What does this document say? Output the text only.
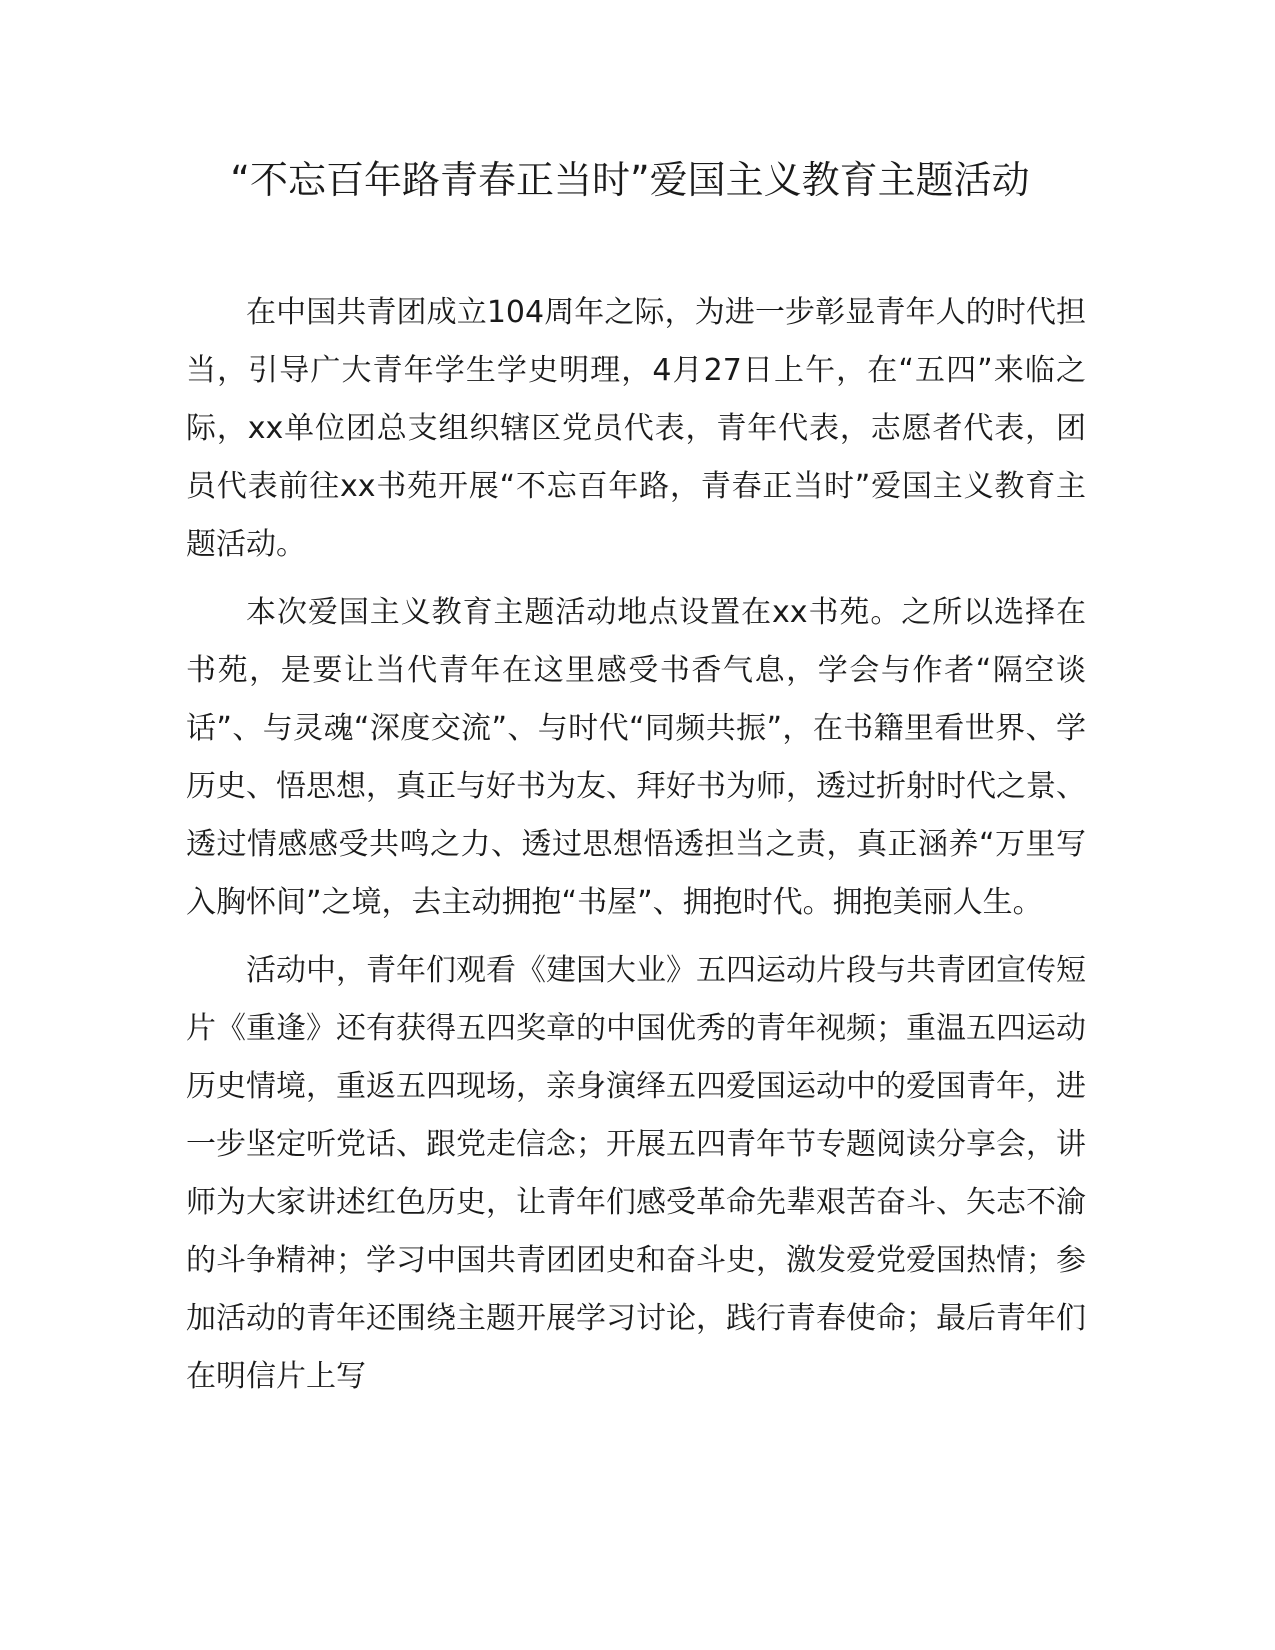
“不忘百年路青春正当时”爱国主义教育主题活动

在中国共青团成立104周年之际，为进一步彰显青年人的时代担当，引导广大青年学生学史明理，4月27日上午，在“五四”来临之际，xx单位团总支组织辖区党员代表，青年代表，志愿者代表，团员代表前往xx书苑开展“不忘百年路，青春正当时”爱国主义教育主题活动。

本次爱国主义教育主题活动地点设置在xx书苑。之所以选择在书苑，是要让当代青年在这里感受书香气息，学会与作者“隔空谈话”、与灵魂“深度交流”、与时代“同频共振”，在书籍里看世界、学历史、悟思想，真正与好书为友、拜好书为师，透过折射时代之景、透过情感感受共鸣之力、透过思想悟透担当之责，真正涵养“万里写入胸怀间”之境，去主动拥抱“书屋”、拥抱时代。拥抱美丽人生。

活动中，青年们观看《建国大业》五四运动片段与共青团宣传短片《重逢》还有获得五四奖章的中国优秀的青年视频；重温五四运动历史情境，重返五四现场，亲身演绎五四爱国运动中的爱国青年，进一步坚定听党话、跟党走信念；开展五四青年节专题阅读分享会，讲师为大家讲述红色历史，让青年们感受革命先辈艰苦奋斗、矢志不渝的斗争精神；学习中国共青团团史和奋斗史，激发爱党爱国热情；参加活动的青年还围绕主题开展学习讨论，践行青春使命；最后青年们在明信片上写
